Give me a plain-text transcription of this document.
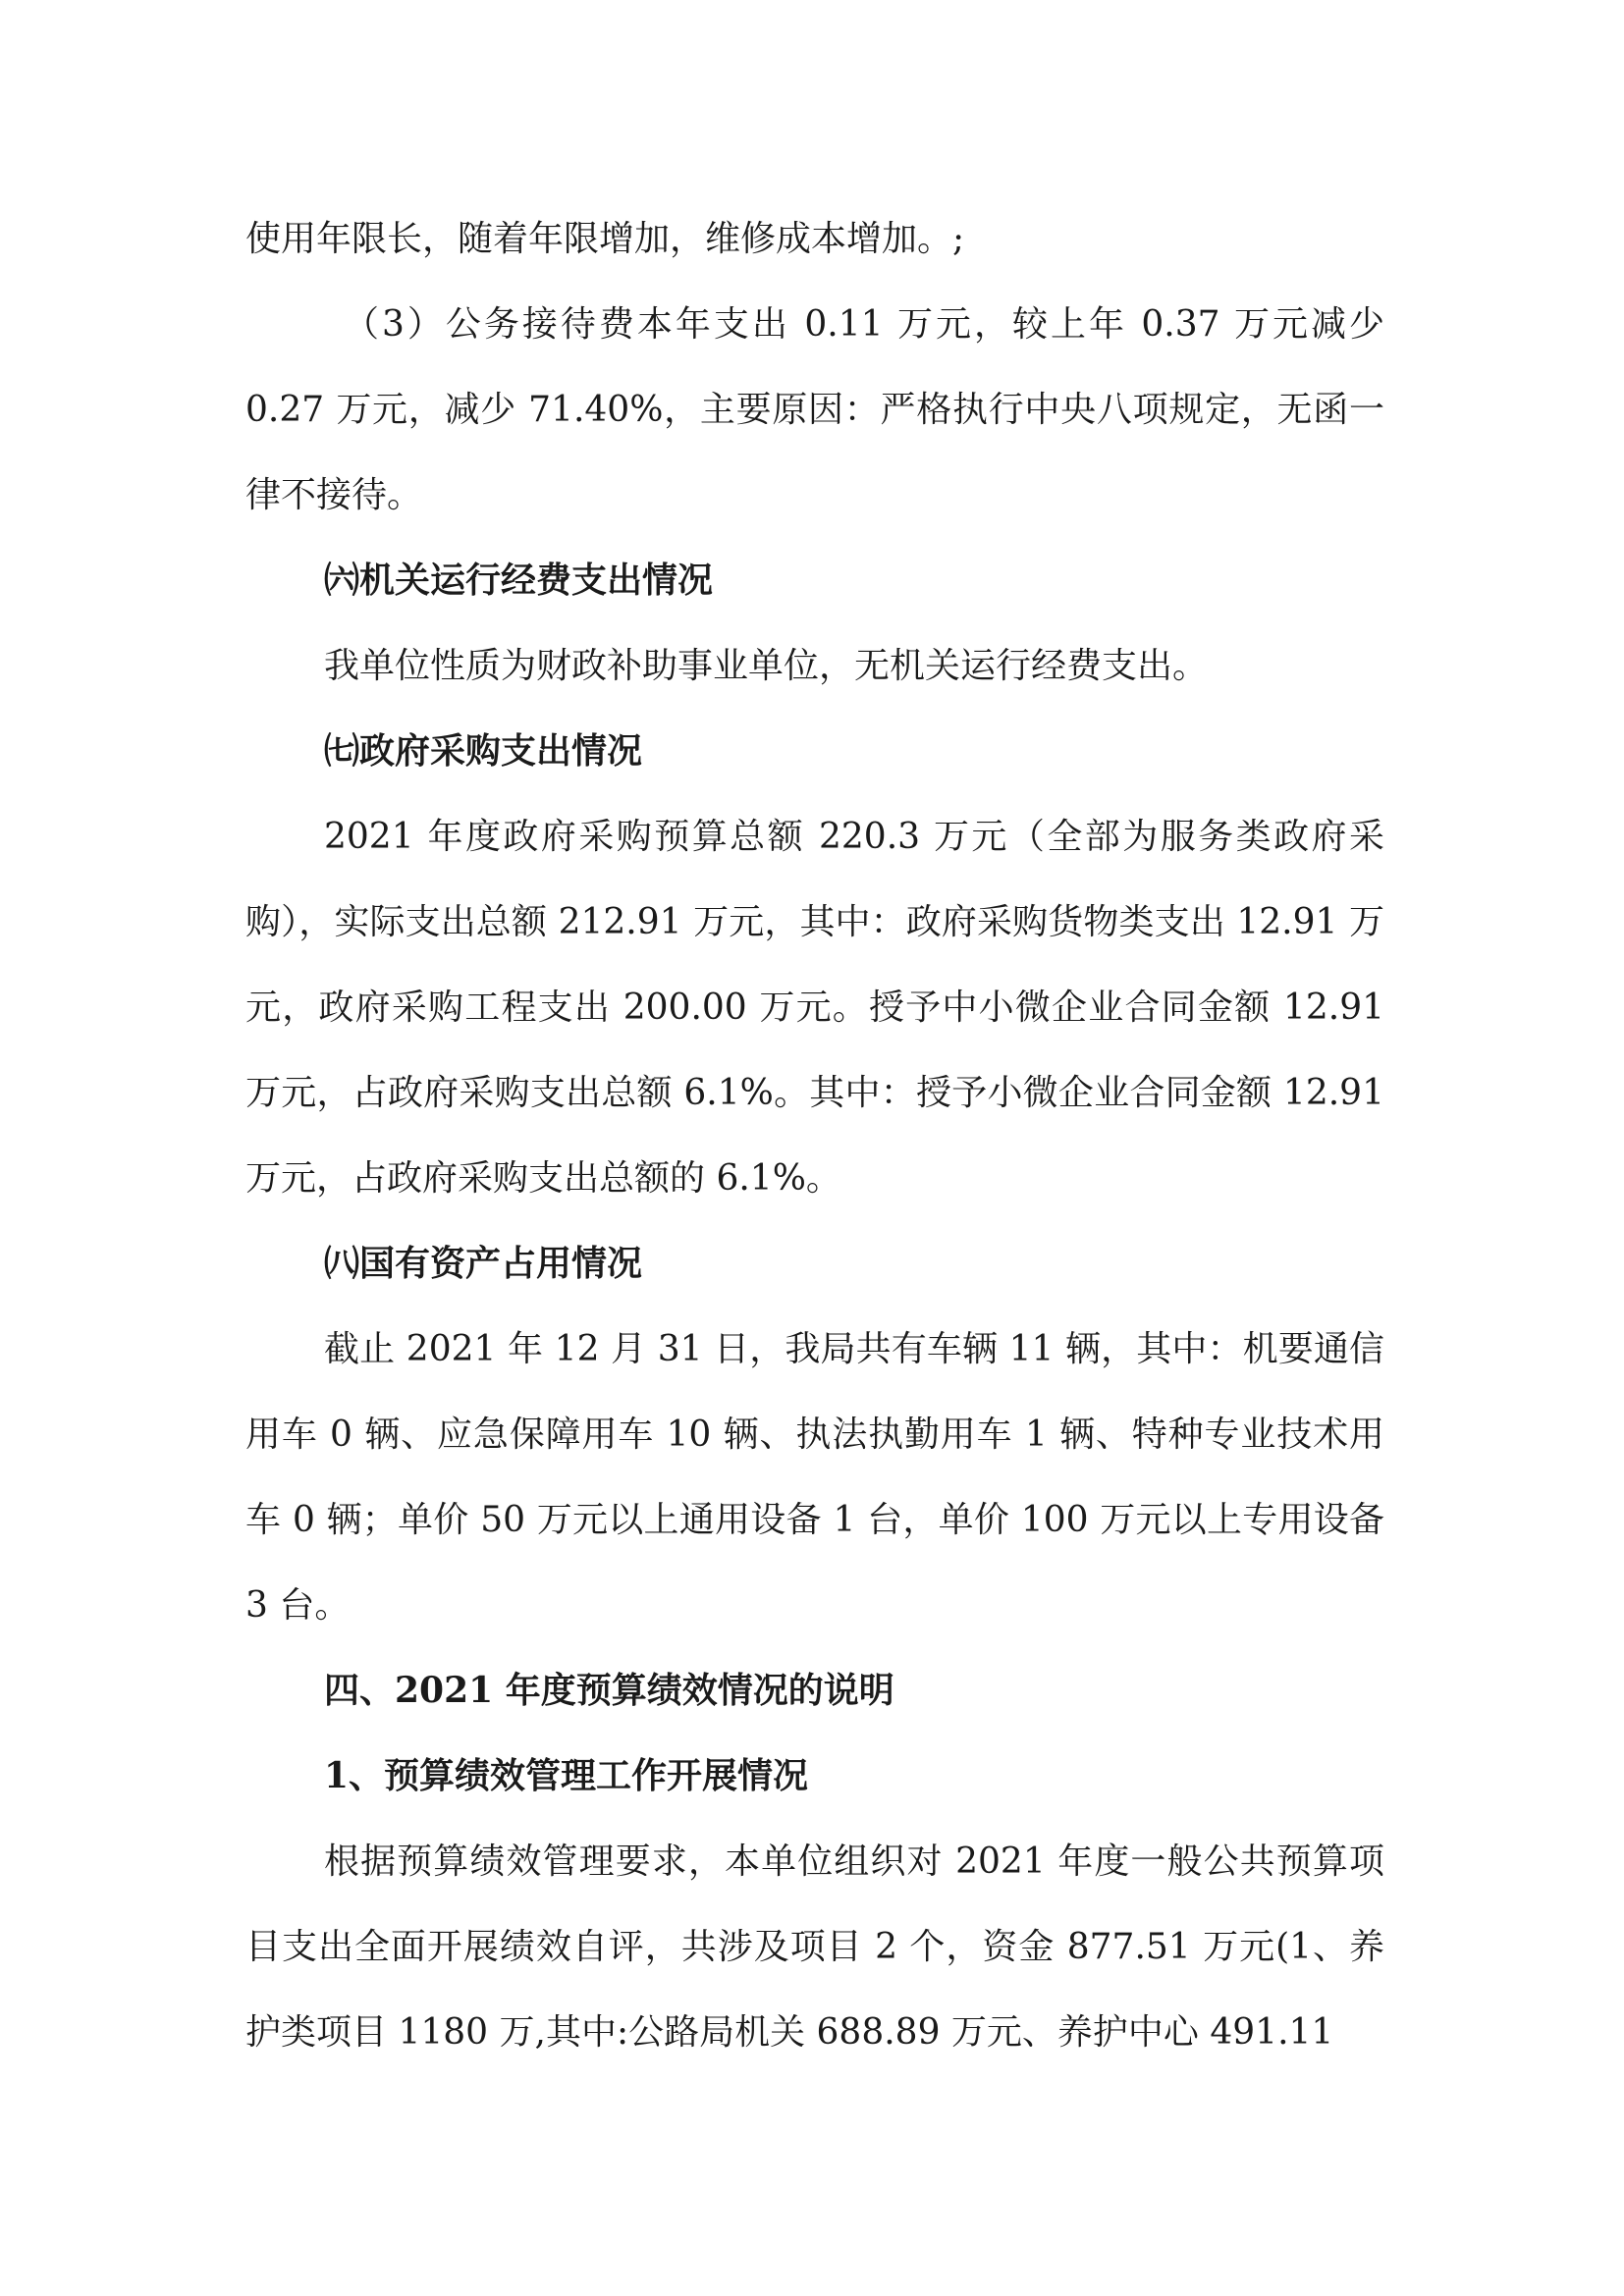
使用年限长，随着年限增加，维修成本增加。;

（3）公务接待费本年支出 0.11 万元，较上年 0.37 万元减少 0.27 万元，减少 71.40%，主要原因：严格执行中央八项规定，无函一律不接待。

㈥机关运行经费支出情况

我单位性质为财政补助事业单位，无机关运行经费支出。

㈦政府采购支出情况

2021 年度政府采购预算总额 220.3 万元（全部为服务类政府采购），实际支出总额 212.91 万元，其中：政府采购货物类支出 12.91 万元，政府采购工程支出 200.00 万元。授予中小微企业合同金额 12.91 万元，占政府采购支出总额 6.1%。其中：授予小微企业合同金额 12.91 万元，占政府采购支出总额的 6.1%。

㈧国有资产占用情况

截止 2021 年 12 月 31 日，我局共有车辆 11 辆，其中：机要通信用车 0 辆、应急保障用车 10 辆、执法执勤用车 1 辆、特种专业技术用车 0 辆；单价 50 万元以上通用设备 1 台，单价 100 万元以上专用设备 3 台。

四、2021 年度预算绩效情况的说明

1、预算绩效管理工作开展情况

根据预算绩效管理要求，本单位组织对 2021 年度一般公共预算项目支出全面开展绩效自评，共涉及项目 2 个，资金 877.51 万元(1、养护类项目 1180 万,其中:公路局机关 688.89 万元、养护中心 491.11
